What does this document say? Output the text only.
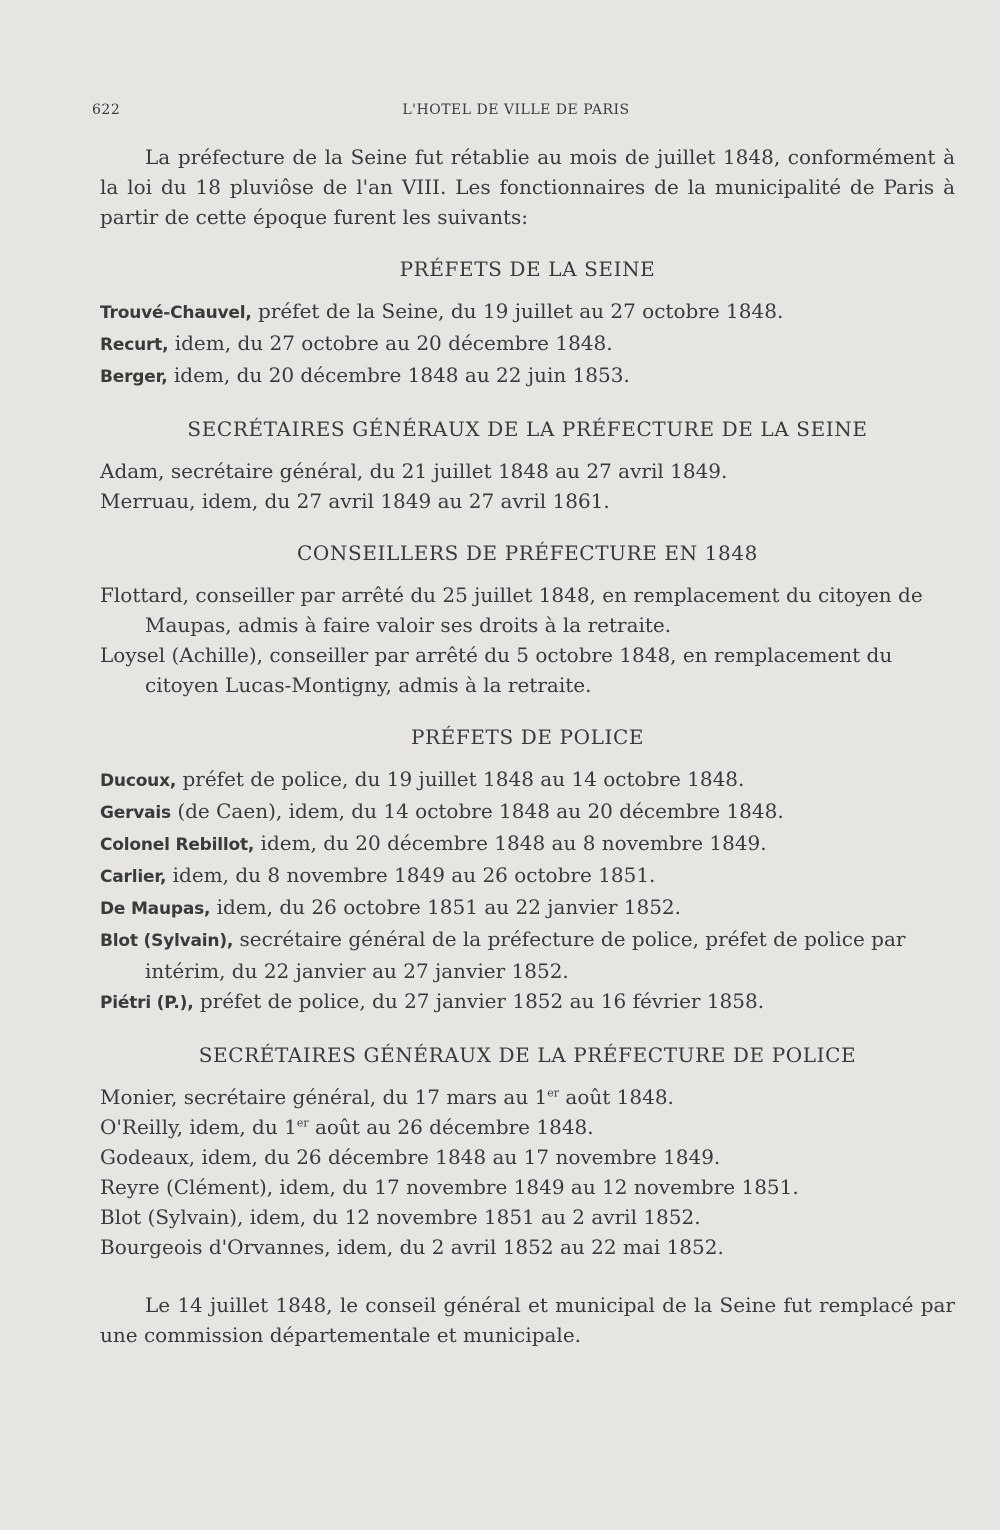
622	L'HOTEL DE VILLE DE PARIS

La préfecture de la Seine fut rétablie au mois de juillet 1848, conformément à la loi du 18 pluviôse de l'an VIII. Les fonctionnaires de la municipalité de Paris à partir de cette époque furent les suivants:

PRÉFETS DE LA SEINE

Trouvé-Chauvel, préfet de la Seine, du 19 juillet au 27 octobre 1848.

Recurt, idem, du 27 octobre au 20 décembre 1848.

Berger, idem, du 20 décembre 1848 au 22 juin 1853.

SECRÉTAIRES GÉNÉRAUX DE LA PRÉFECTURE DE LA SEINE

Adam, secrétaire général, du 21 juillet 1848 au 27 avril 1849.

Merruau, idem, du 27 avril 1849 au 27 avril 1861.

CONSEILLERS DE PRÉFECTURE EN 1848

Flottard, conseiller par arrêté du 25 juillet 1848, en remplacement du citoyen de Maupas, admis à faire valoir ses droits à la retraite.

Loysel (Achille), conseiller par arrêté du 5 octobre 1848, en remplacement du citoyen Lucas-Montigny, admis à la retraite.

PRÉFETS DE POLICE

Ducoux, préfet de police, du 19 juillet 1848 au 14 octobre 1848.

Gervais (de Caen), idem, du 14 octobre 1848 au 20 décembre 1848.

Colonel Rebillot, idem, du 20 décembre 1848 au 8 novembre 1849.

Carlier, idem, du 8 novembre 1849 au 26 octobre 1851.

De Maupas, idem, du 26 octobre 1851 au 22 janvier 1852.

Blot (Sylvain), secrétaire général de la préfecture de police, préfet de police par intérim, du 22 janvier au 27 janvier 1852.

Piétri (P.), préfet de police, du 27 janvier 1852 au 16 février 1858.

SECRÉTAIRES GÉNÉRAUX DE LA PRÉFECTURE DE POLICE

Monier, secrétaire général, du 17 mars au 1er août 1848.

O'Reilly, idem, du 1er août au 26 décembre 1848.

Godeaux, idem, du 26 décembre 1848 au 17 novembre 1849.

Reyre (Clément), idem, du 17 novembre 1849 au 12 novembre 1851.

Blot (Sylvain), idem, du 12 novembre 1851 au 2 avril 1852.

Bourgeois d'Orvannes, idem, du 2 avril 1852 au 22 mai 1852.

Le 14 juillet 1848, le conseil général et municipal de la Seine fut remplacé par une commission départementale et municipale.
